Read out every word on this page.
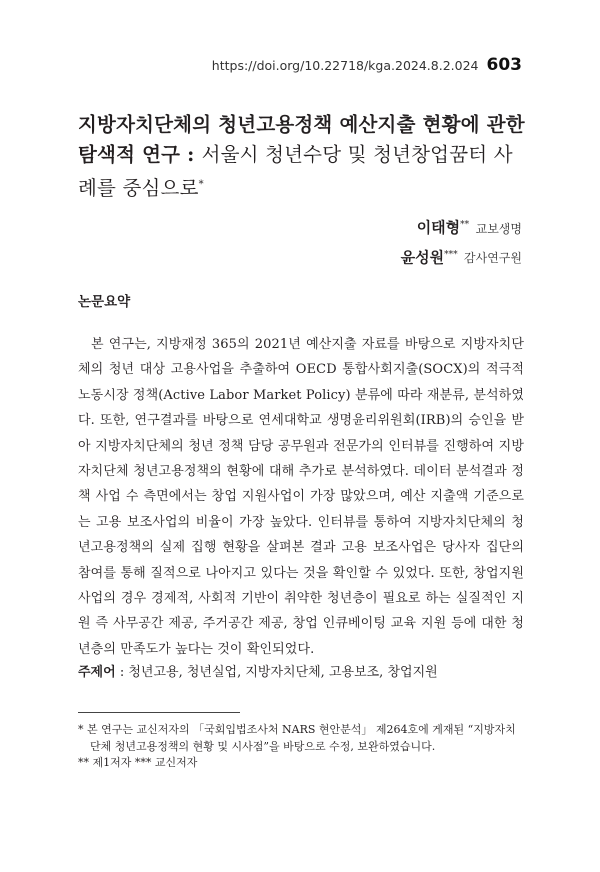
https://doi.org/10.22718/kga.2024.8.2.024 603
지방자치단체의 청년고용정책 예산지출 현황에 관한 탐색적 연구 : 서울시 청년수당 및 청년창업꿈터 사례를 중심으로*
이태형** 교보생명
윤성원*** 감사연구원
논문요약
본 연구는, 지방재정 365의 2021년 예산지출 자료를 바탕으로 지방자치단체의 청년 대상 고용사업을 추출하여 OECD 통합사회지출(SOCX)의 적극적 노동시장 정책(Active Labor Market Policy) 분류에 따라 재분류, 분석하였다. 또한, 연구결과를 바탕으로 연세대학교 생명윤리위원회(IRB)의 승인을 받아 지방자치단체의 청년 정책 담당 공무원과 전문가의 인터뷰를 진행하여 지방자치단체 청년고용정책의 현황에 대해 추가로 분석하였다. 데이터 분석결과 정책 사업 수 측면에서는 창업 지원사업이 가장 많았으며, 예산 지출액 기준으로는 고용 보조사업의 비율이 가장 높았다. 인터뷰를 통하여 지방자치단체의 청년고용정책의 실제 집행 현황을 살펴본 결과 고용 보조사업은 당사자 집단의 참여를 통해 질적으로 나아지고 있다는 것을 확인할 수 있었다. 또한, 창업지원 사업의 경우 경제적, 사회적 기반이 취약한 청년층이 필요로 하는 실질적인 지원 즉 사무공간 제공, 주거공간 제공, 창업 인큐베이팅 교육 지원 등에 대한 청년층의 만족도가 높다는 것이 확인되었다.
주제어 : 청년고용, 청년실업, 지방자치단체, 고용보조, 창업지원
* 본 연구는 교신저자의 「국회입법조사처 NARS 현안분석」 제264호에 게재된 “지방자치단체 청년고용정책의 현황 및 시사점”을 바탕으로 수정, 보완하였습니다.
** 제1저자 *** 교신저자
